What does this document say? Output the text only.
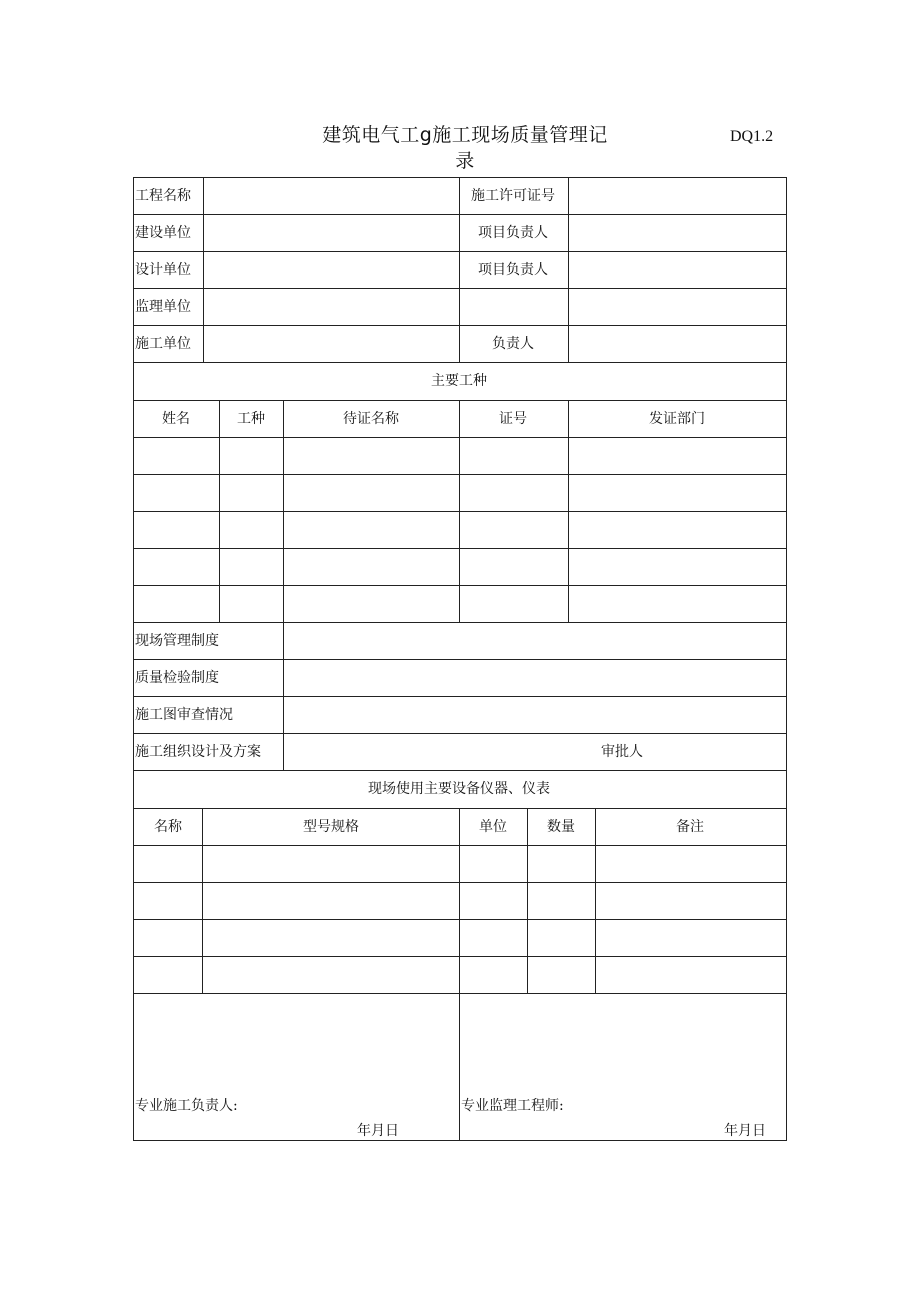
建筑电气工g施工现场质量管理记
录
DQ1.2
工程名称	施工许可证号
建设单位	项目负责人
设计单位	项目负责人
监理单位
施工单位	负责人
主要工种
姓名	工种	待证名称	证号	发证部门
现场管理制度
质量检验制度
施工图审查情况
施工组织设计及方案	审批人
现场使用主要设备仪器、仪表
名称	型号规格	单位	数量	备注
专业施工负责人:
年月日
专业监理工程师:
年月日
